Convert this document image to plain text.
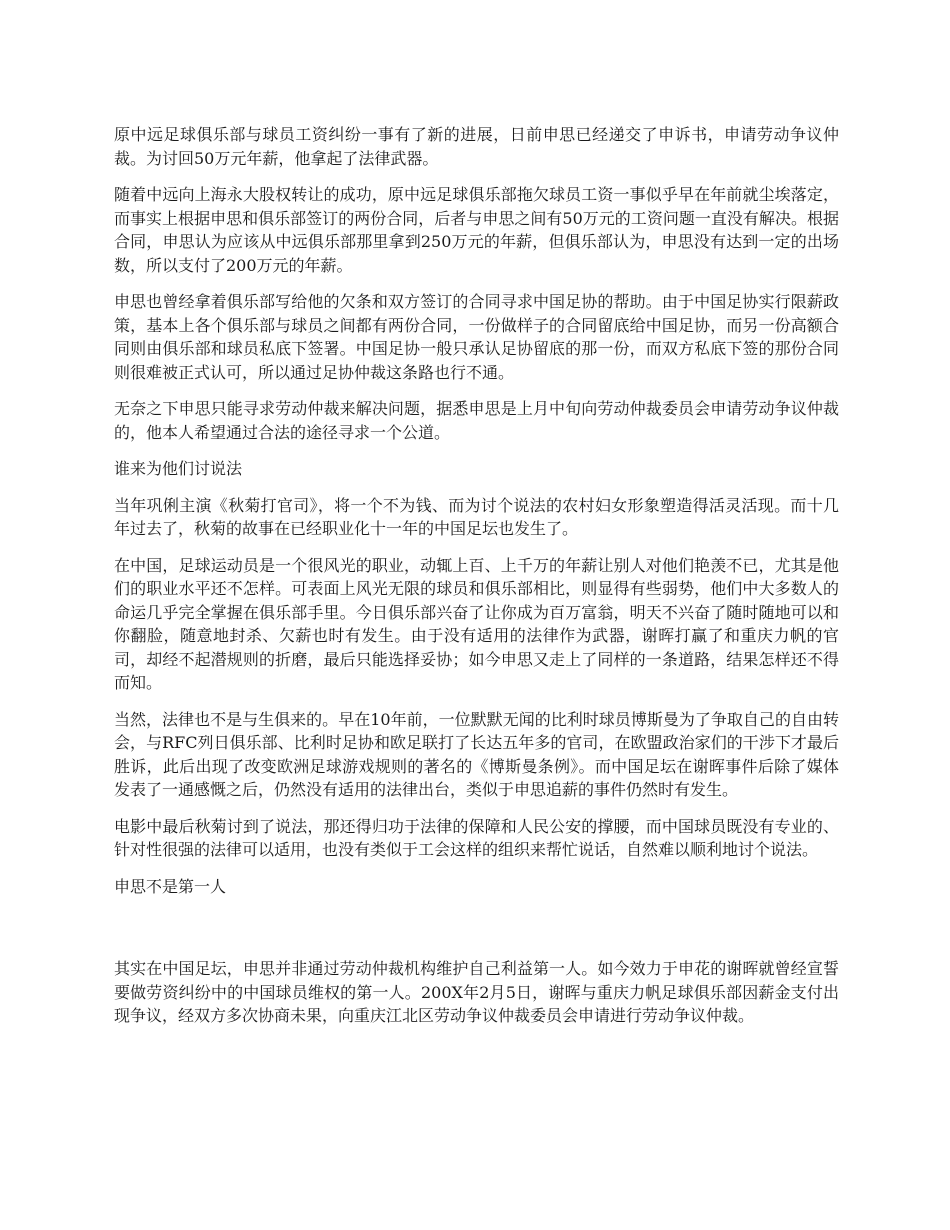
原中远足球俱乐部与球员工资纠纷一事有了新的进展，日前申思已经递交了申诉书，申请劳动争议仲裁。为讨回50万元年薪，他拿起了法律武器。

随着中远向上海永大股权转让的成功，原中远足球俱乐部拖欠球员工资一事似乎早在年前就尘埃落定，而事实上根据申思和俱乐部签订的两份合同，后者与申思之间有50万元的工资问题一直没有解决。根据合同，申思认为应该从中远俱乐部那里拿到250万元的年薪，但俱乐部认为，申思没有达到一定的出场数，所以支付了200万元的年薪。

申思也曾经拿着俱乐部写给他的欠条和双方签订的合同寻求中国足协的帮助。由于中国足协实行限薪政策，基本上各个俱乐部与球员之间都有两份合同，一份做样子的合同留底给中国足协，而另一份高额合同则由俱乐部和球员私底下签署。中国足协一般只承认足协留底的那一份，而双方私底下签的那份合同则很难被正式认可，所以通过足协仲裁这条路也行不通。

无奈之下申思只能寻求劳动仲裁来解决问题，据悉申思是上月中旬向劳动仲裁委员会申请劳动争议仲裁的，他本人希望通过合法的途径寻求一个公道。

谁来为他们讨说法

当年巩俐主演《秋菊打官司》，将一个不为钱、而为讨个说法的农村妇女形象塑造得活灵活现。而十几年过去了，秋菊的故事在已经职业化十一年的中国足坛也发生了。

在中国，足球运动员是一个很风光的职业，动辄上百、上千万的年薪让别人对他们艳羡不已，尤其是他们的职业水平还不怎样。可表面上风光无限的球员和俱乐部相比，则显得有些弱势，他们中大多数人的命运几乎完全掌握在俱乐部手里。今日俱乐部兴奋了让你成为百万富翁，明天不兴奋了随时随地可以和你翻脸，随意地封杀、欠薪也时有发生。由于没有适用的法律作为武器，谢晖打赢了和重庆力帆的官司，却经不起潜规则的折磨，最后只能选择妥协；如今申思又走上了同样的一条道路，结果怎样还不得而知。

当然，法律也不是与生俱来的。早在10年前，一位默默无闻的比利时球员博斯曼为了争取自己的自由转会，与RFC列日俱乐部、比利时足协和欧足联打了长达五年多的官司，在欧盟政治家们的干涉下才最后胜诉，此后出现了改变欧洲足球游戏规则的著名的《博斯曼条例》。而中国足坛在谢晖事件后除了媒体发表了一通感慨之后，仍然没有适用的法律出台，类似于申思追薪的事件仍然时有发生。

电影中最后秋菊讨到了说法，那还得归功于法律的保障和人民公安的撑腰，而中国球员既没有专业的、针对性很强的法律可以适用，也没有类似于工会这样的组织来帮忙说话，自然难以顺利地讨个说法。

申思不是第一人

其实在中国足坛，申思并非通过劳动仲裁机构维护自己利益第一人。如今效力于申花的谢晖就曾经宣誓要做劳资纠纷中的中国球员维权的第一人。200X年2月5日，谢晖与重庆力帆足球俱乐部因薪金支付出现争议，经双方多次协商未果，向重庆江北区劳动争议仲裁委员会申请进行劳动争议仲裁。
